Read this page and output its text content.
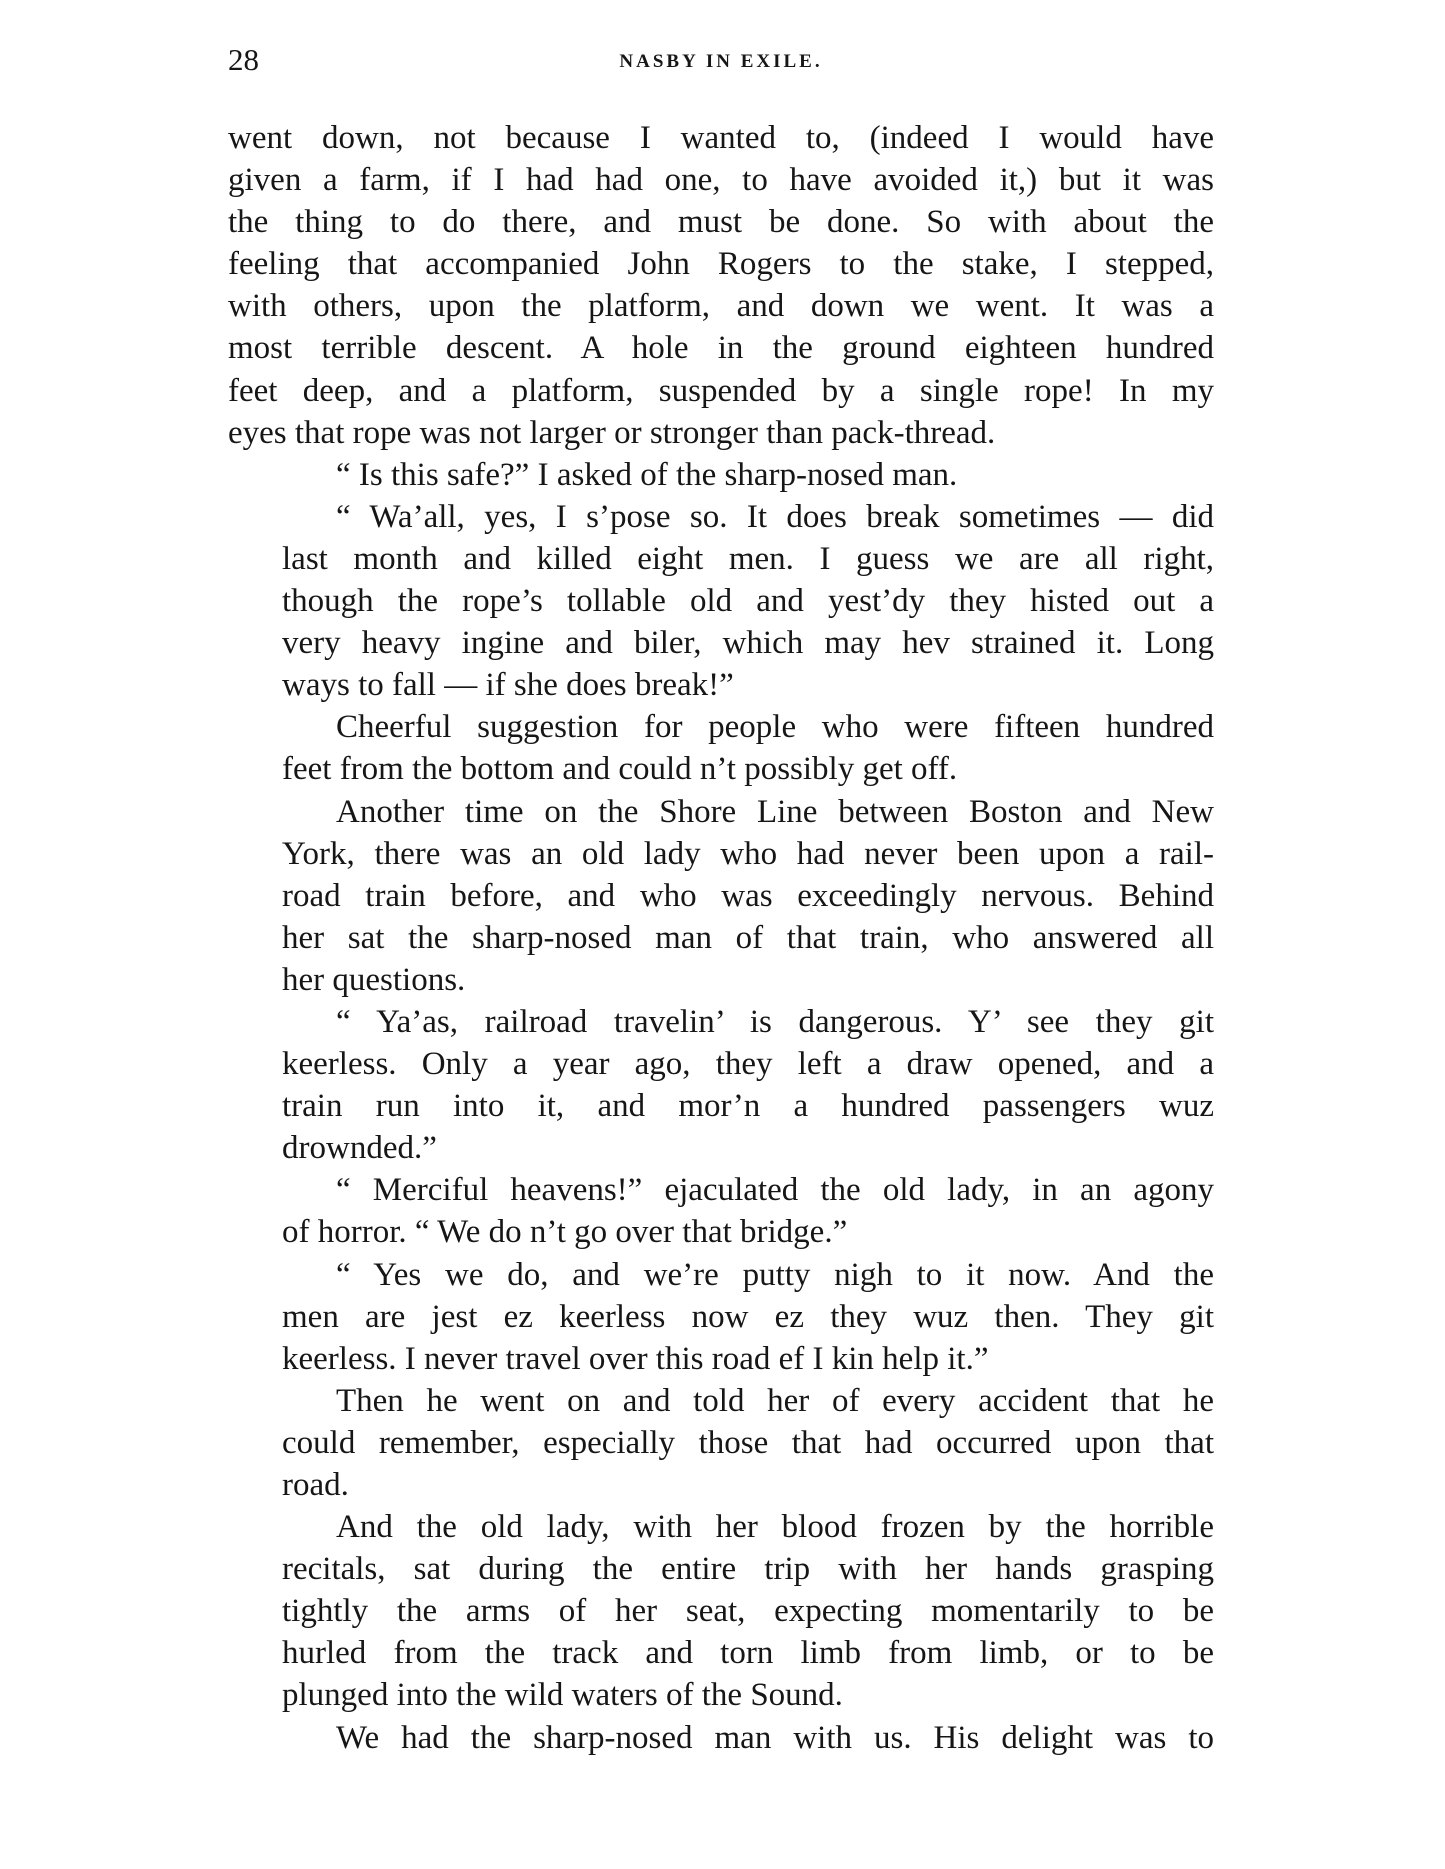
28	NASBY IN EXILE.
went down, not because I wanted to, (indeed I would have
given a farm, if I had had one, to have avoided it,) but it was
the thing to do there, and must be done. So with about the
feeling that accompanied John Rogers to the stake, I stepped,
with others, upon the platform, and down we went. It was a
most terrible descent. A hole in the ground eighteen hundred
feet deep, and a platform, suspended by a single rope! In my
eyes that rope was not larger or stronger than pack-thread.
“ Is this safe?” I asked of the sharp-nosed man.
“ Wa’all, yes, I s’pose so. It does break sometimes — did
last month and killed eight men. I guess we are all right,
though the rope’s tollable old and yest’dy they histed out a
very heavy ingine and biler, which may hev strained it. Long
ways to fall — if she does break!”
Cheerful suggestion for people who were fifteen hundred
feet from the bottom and could n’t possibly get off.
Another time on the Shore Line between Boston and New
York, there was an old lady who had never been upon a rail-
road train before, and who was exceedingly nervous. Behind
her sat the sharp-nosed man of that train, who answered all
her questions.
“ Ya’as, railroad travelin’ is dangerous. Y’ see they git
keerless. Only a year ago, they left a draw opened, and a
train run into it, and mor’n a hundred passengers wuz
drownded.”
“ Merciful heavens!” ejaculated the old lady, in an agony
of horror. “ We do n’t go over that bridge.”
“ Yes we do, and we’re putty nigh to it now. And the
men are jest ez keerless now ez they wuz then. They git
keerless. I never travel over this road ef I kin help it.”
Then he went on and told her of every accident that he
could remember, especially those that had occurred upon that
road.
And the old lady, with her blood frozen by the horrible
recitals, sat during the entire trip with her hands grasping
tightly the arms of her seat, expecting momentarily to be
hurled from the track and torn limb from limb, or to be
plunged into the wild waters of the Sound.
We had the sharp-nosed man with us. His delight was to
